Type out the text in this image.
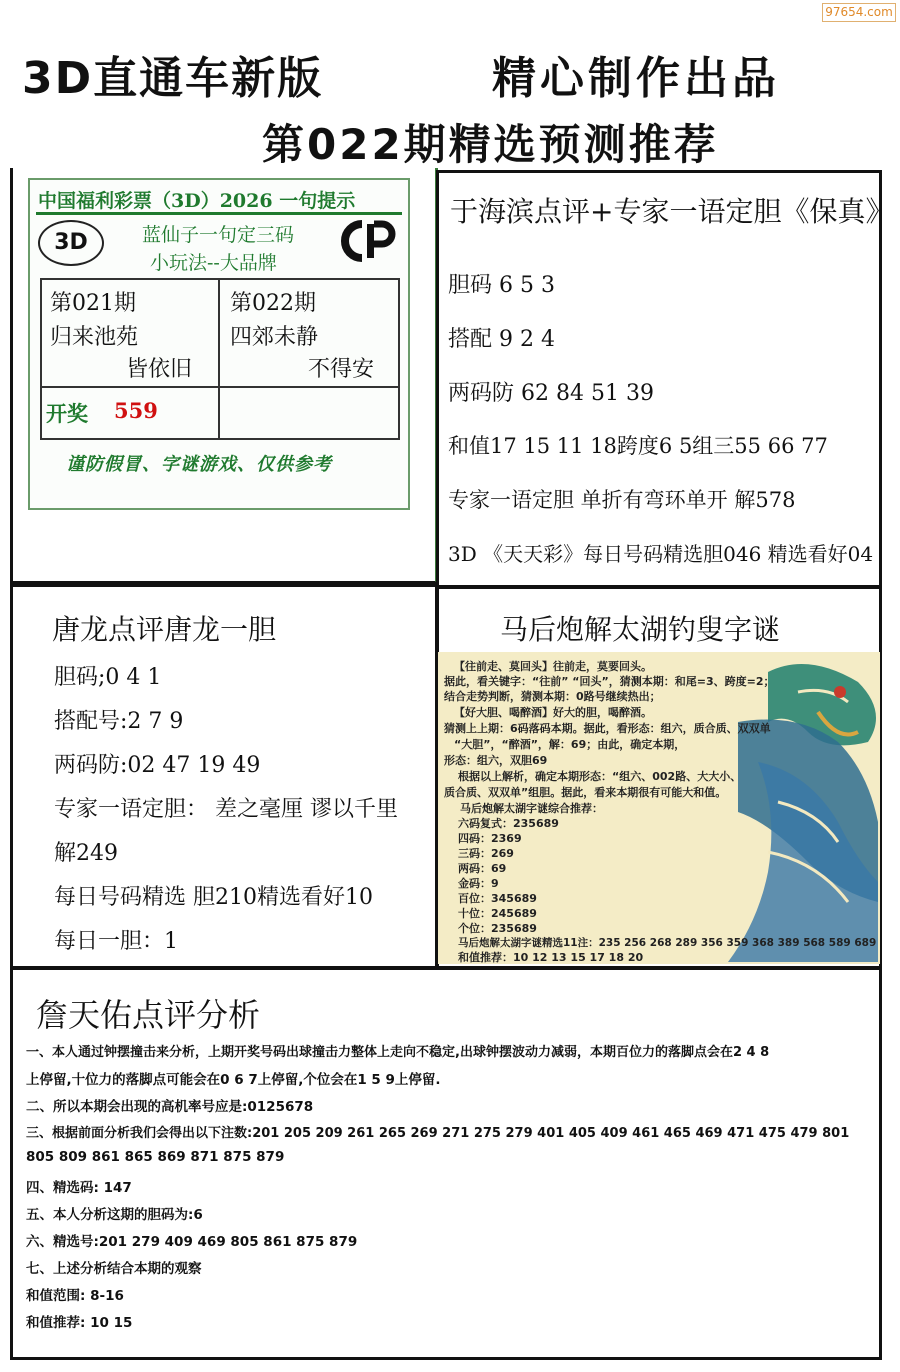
97654.com
3D直通车新版	精心制作出品
第022期精选预测推荐
中国福利彩票（3D）2026 一句提示
3D	蓝仙子一句定三码
小玩法--大品牌
第021期
归来池苑
皆依旧
第022期
四郊未静
不得安
开奖 559
谨防假冒、字谜游戏、仅供参考
于海滨点评+专家一语定胆《保真》
胆码 6 5 3
搭配 9 2 4
两码防 62 84 51 39
和值17 15 11 18跨度6 5组三55 66 77
专家一语定胆 单折有弯环单开 解578
3D 《天天彩》每日号码精选胆046 精选看好04
唐龙点评唐龙一胆
胆码;0 4 1
搭配号:2 7 9
两码防:02 47 19 49
专家一语定胆： 差之毫厘 谬以千里
解249
每日号码精选 胆210精选看好10
每日一胆：1
马后炮解太湖钓叟字谜
【往前走、莫回头】往前走，莫要回头。
据此，看关键字：“往前” “回头”，猜测本期：和尾=3、跨度=2；
结合走势判断，猜测本期：0路号继续热出；
【好大胆、喝醉酒】好大的胆，喝醉酒。
猜测上上期：6码落码本期。据此，看形态：组六，质合质、双双单
“大胆”，“醉酒”，解：69；由此，确定本期，
形态：组六，双胆69
根据以上解析，确定本期形态：“组六、002路、大大小、
质合质、双双单”组胆。据此，看来本期很有可能大和值。
马后炮解太湖字谜综合推荐：
六码复式：235689
四码：2369
三码：269
两码：69
金码：9
百位：345689
十位：245689
个位：235689
马后炮解太湖字谜精选11注：235 256 268 289 356 359 368 389 568 589 689
和值推荐：10 12 13 15 17 18 20
詹天佑点评分析
一、本人通过钟摆撞击来分析，上期开奖号码出球撞击力整体上走向不稳定,出球钟摆波动力减弱，本期百位力的落脚点会在2 4 8
上停留,十位力的落脚点可能会在0 6 7上停留,个位会在1 5 9上停留.
二、所以本期会出现的高机率号应是:0125678
三、根据前面分析我们会得出以下注数:201 205 209 261 265 269 271 275 279 401 405 409 461 465 469 471 475 479 801
805 809 861 865 869 871 875 879
四、精选码: 147
五、本人分析这期的胆码为:6
六、精选号:201 279 409 469 805 861 875 879
七、上述分析结合本期的观察
和值范围: 8-16
和值推荐: 10 15
